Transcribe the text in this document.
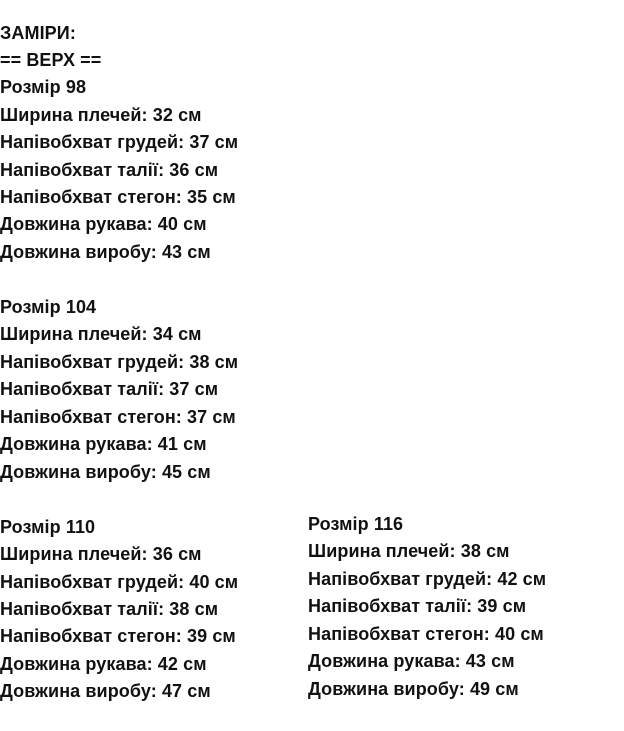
ЗАМІРИ:
== ВЕРХ ==
Розмір 98
Ширина плечей: 32 см
Напівобхват грудей: 37 см
Напівобхват талії: 36 см
Напівобхват стегон: 35 см
Довжина рукава: 40 см
Довжина виробу: 43 см
Розмір 104
Ширина плечей: 34 см
Напівобхват грудей: 38 см
Напівобхват талії: 37 см
Напівобхват стегон: 37 см
Довжина рукава: 41 см
Довжина виробу: 45 см
Розмір 110
Ширина плечей: 36 см
Напівобхват грудей: 40 см
Напівобхват талії: 38 см
Напівобхват стегон: 39 см
Довжина рукава: 42 см
Довжина виробу: 47 см
Розмір 116
Ширина плечей: 38 см
Напівобхват грудей: 42 см
Напівобхват талії: 39 см
Напівобхват стегон: 40 см
Довжина рукава: 43 см
Довжина виробу: 49 см
